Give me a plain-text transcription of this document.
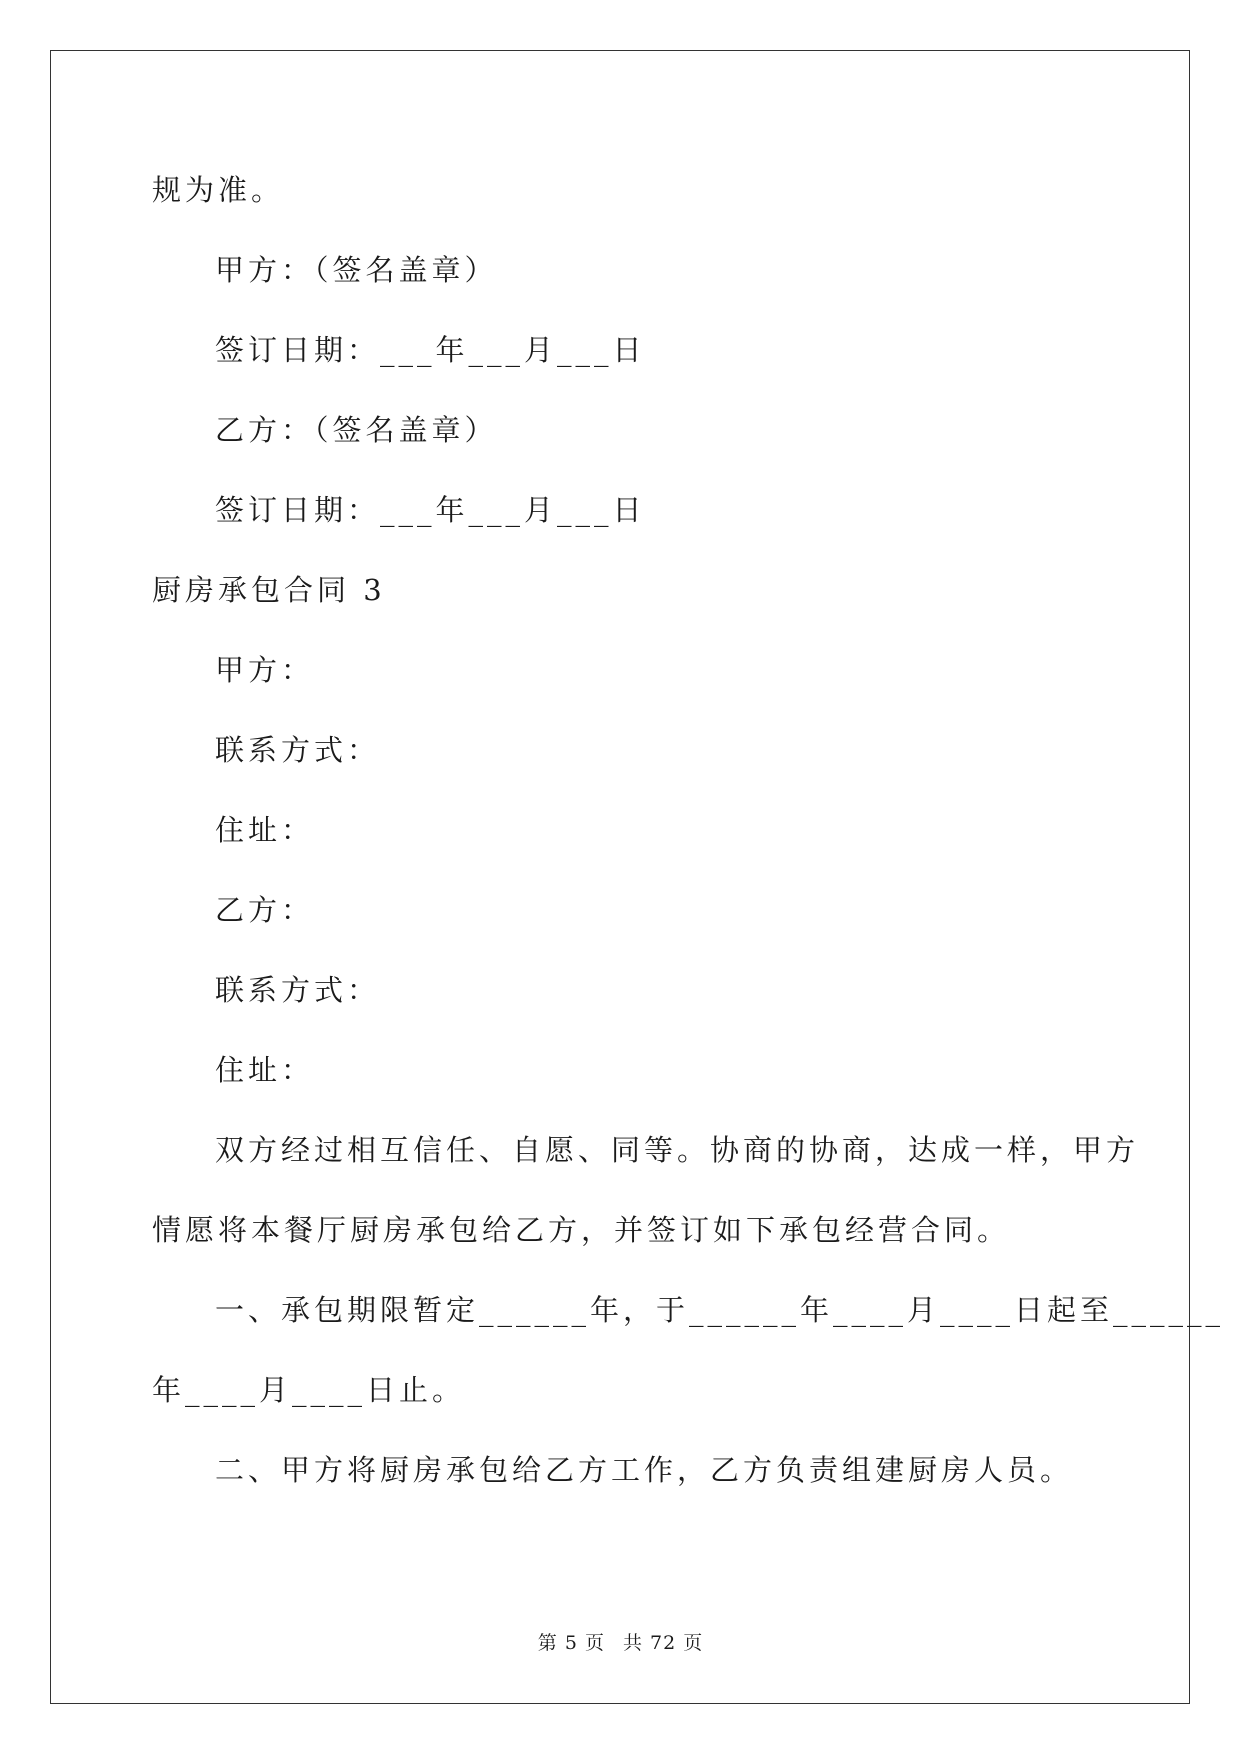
规为准。
甲方：（签名盖章）
签订日期：___年___月___日
乙方：（签名盖章）
签订日期：___年___月___日
厨房承包合同 3
甲方：
联系方式：
住址：
乙方：
联系方式：
住址：
双方经过相互信任、自愿、同等。协商的协商，达成一样，甲方
情愿将本餐厅厨房承包给乙方，并签订如下承包经营合同。
一、承包期限暂定______年，于______年____月____日起至______
年____月____日止。
二、甲方将厨房承包给乙方工作，乙方负责组建厨房人员。
第 5 页 共 72 页
